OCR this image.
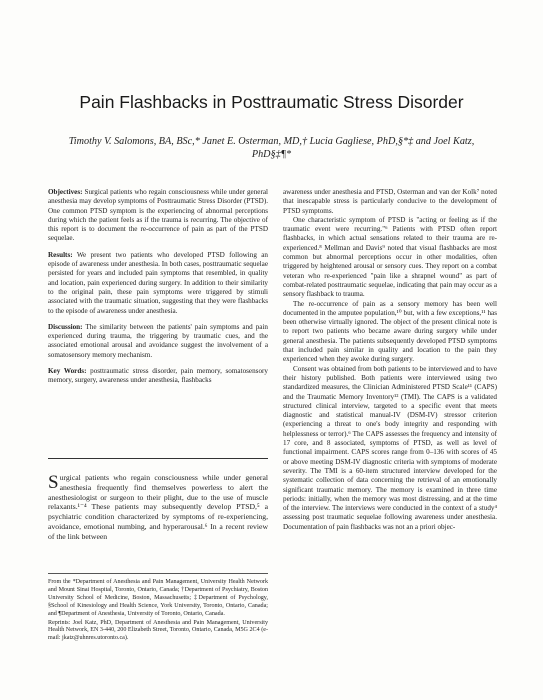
Pain Flashbacks in Posttraumatic Stress Disorder
Timothy V. Salomons, BA, BSc,* Janet E. Osterman, MD,† Lucia Gagliese, PhD,§*‡ and Joel Katz, PhD§‡¶*

Objectives: Surgical patients who regain consciousness while under general anesthesia may develop symptoms of Posttraumatic Stress Disorder (PTSD). One common PTSD symptom is the experiencing of abnormal perceptions during which the patient feels as if the trauma is recurring. The objective of this report is to document the re-occurrence of pain as part of the PTSD sequelae.

Results: We present two patients who developed PTSD following an episode of awareness under anesthesia. In both cases, posttraumatic sequelae persisted for years and included pain symptoms that resembled, in quality and location, pain experienced during surgery. In addition to their similarity to the original pain, these pain symptoms were triggered by stimuli associated with the traumatic situation, suggesting that they were flashbacks to the episode of awareness under anesthesia.

Discussion: The similarity between the patients' pain symptoms and pain experienced during trauma, the triggering by traumatic cues, and the associated emotional arousal and avoidance suggest the involvement of a somatosensory memory mechanism.

Key Words: posttraumatic stress disorder, pain memory, somatosensory memory, surgery, awareness under anesthesia, flashbacks

Surgical patients who regain consciousness while under general anesthesia frequently find themselves powerless to alert the anesthesiologist or surgeon to their plight, due to the use of muscle relaxants.¹⁻⁴ These patients may subsequently develop PTSD,⁵ a psychiatric condition characterized by symptoms of re-experiencing, avoidance, emotional numbing, and hyperarousal.⁶ In a recent review of the link between

From the *Department of Anesthesia and Pain Management, University Health Network and Mount Sinai Hospital, Toronto, Ontario, Canada; †Department of Psychiatry, Boston University School of Medicine, Boston, Massachusetts; ‡Department of Psychology, §School of Kinesiology and Health Science, York University, Toronto, Ontario, Canada; and ¶Department of Anesthesia, University of Toronto, Ontario, Canada.

Reprints: Joel Katz, PhD, Department of Anesthesia and Pain Management, University Health Network, EN 3-440, 200 Elizabeth Street, Toronto, Ontario, Canada, M5G 2C4 (e-mail: jkatz@uhnres.utoronto.ca).

awareness under anesthesia and PTSD, Osterman and van der Kolk⁷ noted that inescapable stress is particularly conducive to the development of PTSD symptoms.

One characteristic symptom of PTSD is "acting or feeling as if the traumatic event were recurring."⁶ Patients with PTSD often report flashbacks, in which actual sensations related to their trauma are re-experienced.⁸ Mellman and Davis⁹ noted that visual flashbacks are most common but abnormal perceptions occur in other modalities, often triggered by heightened arousal or sensory cues. They report on a combat veteran who re-experienced "pain like a shrapnel wound" as part of combat-related posttraumatic sequelae, indicating that pain may occur as a sensory flashback to trauma.

The re-occurrence of pain as a sensory memory has been well documented in the amputee population,¹⁰ but, with a few exceptions,¹¹ has been otherwise virtually ignored. The object of the present clinical note is to report two patients who became aware during surgery while under general anesthesia. The patients subsequently developed PTSD symptoms that included pain similar in quality and location to the pain they experienced when they awoke during surgery.

Consent was obtained from both patients to be interviewed and to have their history published. Both patients were interviewed using two standardized measures, the Clinician Administered PTSD Scale¹¹ (CAPS) and the Traumatic Memory Inventory¹² (TMI). The CAPS is a validated structured clinical interview, targeted to a specific event that meets diagnostic and statistical manual-IV (DSM-IV) stressor criterion (experiencing a threat to one's body integrity and responding with helplessness or terror).⁶ The CAPS assesses the frequency and intensity of 17 core, and 8 associated, symptoms of PTSD, as well as level of functional impairment. CAPS scores range from 0–136 with scores of 45 or above meeting DSM-IV diagnostic criteria with symptoms of moderate severity. The TMI is a 60-item structured interview developed for the systematic collection of data concerning the retrieval of an emotionally significant traumatic memory. The memory is examined in three time periods: initially, when the memory was most distressing, and at the time of the interview. The interviews were conducted in the context of a study⁴ assessing post traumatic sequelae following awareness under anesthesia. Documentation of pain flashbacks was not an a priori objec-
